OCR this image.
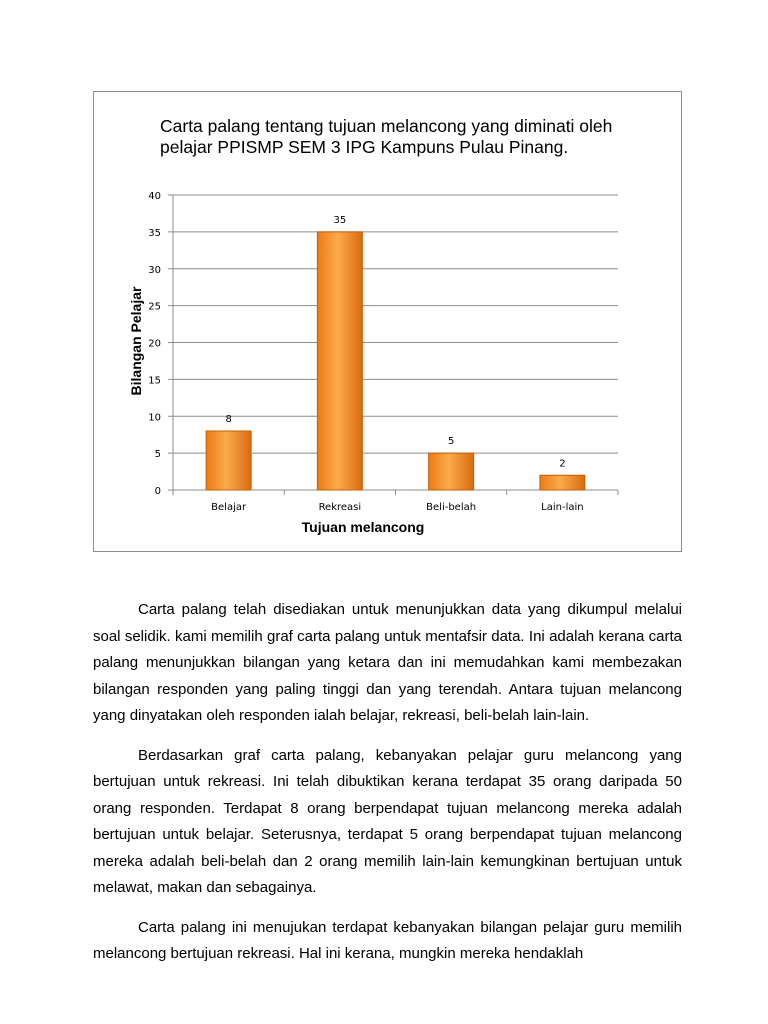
Carta palang tentang tujuan melancong yang diminati oleh pelajar PPISMP SEM 3 IPG Kampuns Pulau Pinang.
0
5
10
15
20
25
30
35
40
8
Belajar
35
Rekreasi
5
Beli-belah
2
Lain-lain
Bilangan Pelajar
Tujuan melancong

Carta palang telah disediakan untuk menunjukkan data yang dikumpul melalui soal selidik. kami memilih graf carta palang untuk mentafsir data. Ini adalah kerana carta palang menunjukkan bilangan yang ketara dan ini memudahkan kami membezakan bilangan responden yang paling tinggi dan yang terendah. Antara tujuan melancong yang dinyatakan oleh responden ialah belajar, rekreasi, beli-belah lain-lain.

Berdasarkan graf carta palang, kebanyakan pelajar guru melancong yang bertujuan untuk rekreasi. Ini telah dibuktikan kerana terdapat 35 orang daripada 50 orang responden. Terdapat 8 orang berpendapat tujuan melancong mereka adalah bertujuan untuk belajar. Seterusnya, terdapat 5 orang berpendapat tujuan melancong mereka adalah beli-belah dan 2 orang memilih lain-lain kemungkinan bertujuan untuk melawat, makan dan sebagainya.

Carta palang ini menujukan terdapat kebanyakan bilangan pelajar guru memilih melancong bertujuan rekreasi. Hal ini kerana, mungkin mereka hendaklah
